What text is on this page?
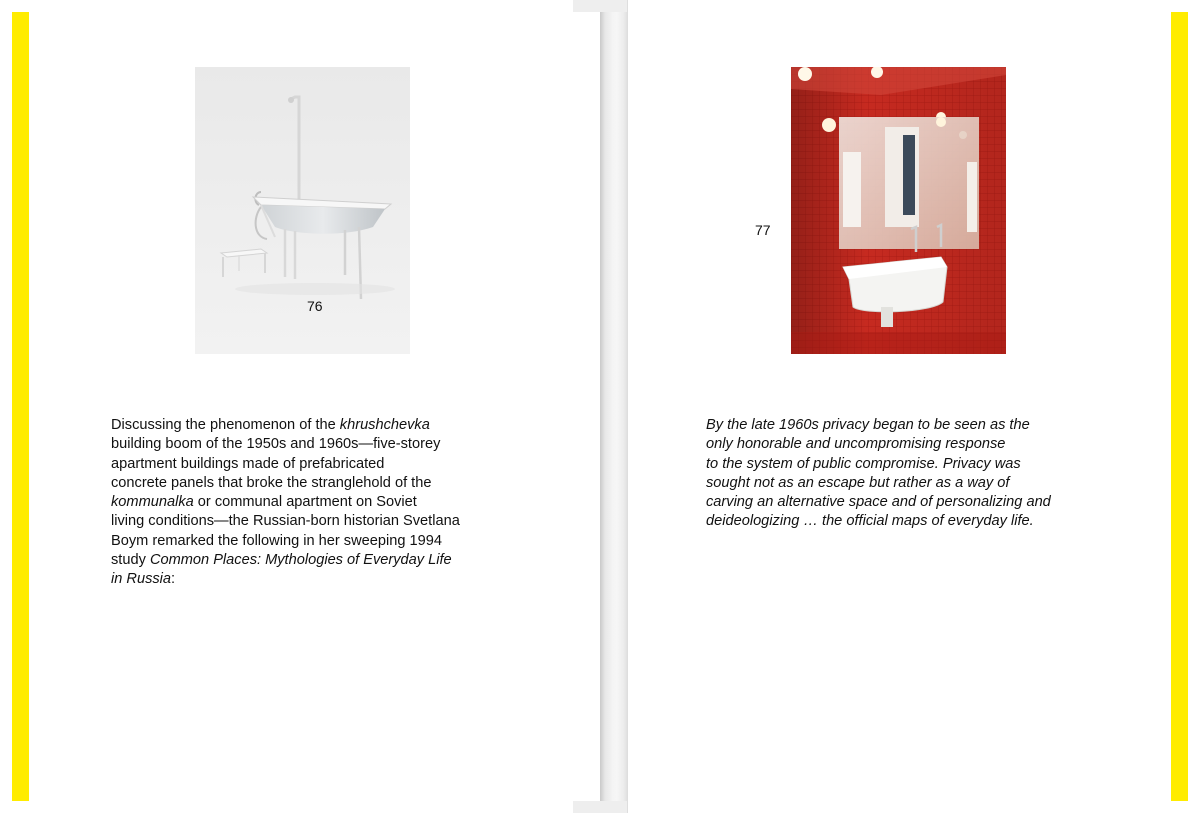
76
77
Discussing the phenomenon of the khrushchevka
building boom of the 1950s and 1960s—five-storey
apartment buildings made of prefabricated
concrete panels that broke the stranglehold of the
kommunalka or communal apartment on Soviet
living conditions—the Russian-born historian Svetlana
Boym remarked the following in her sweeping 1994
study Common Places: Mythologies of Everyday Life
in Russia:
By the late 1960s privacy began to be seen as the
only honorable and uncompromising response
to the system of public compromise. Privacy was
sought not as an escape but rather as a way of
carving an alternative space and of personalizing and
deideologizing … the official maps of everyday life.
